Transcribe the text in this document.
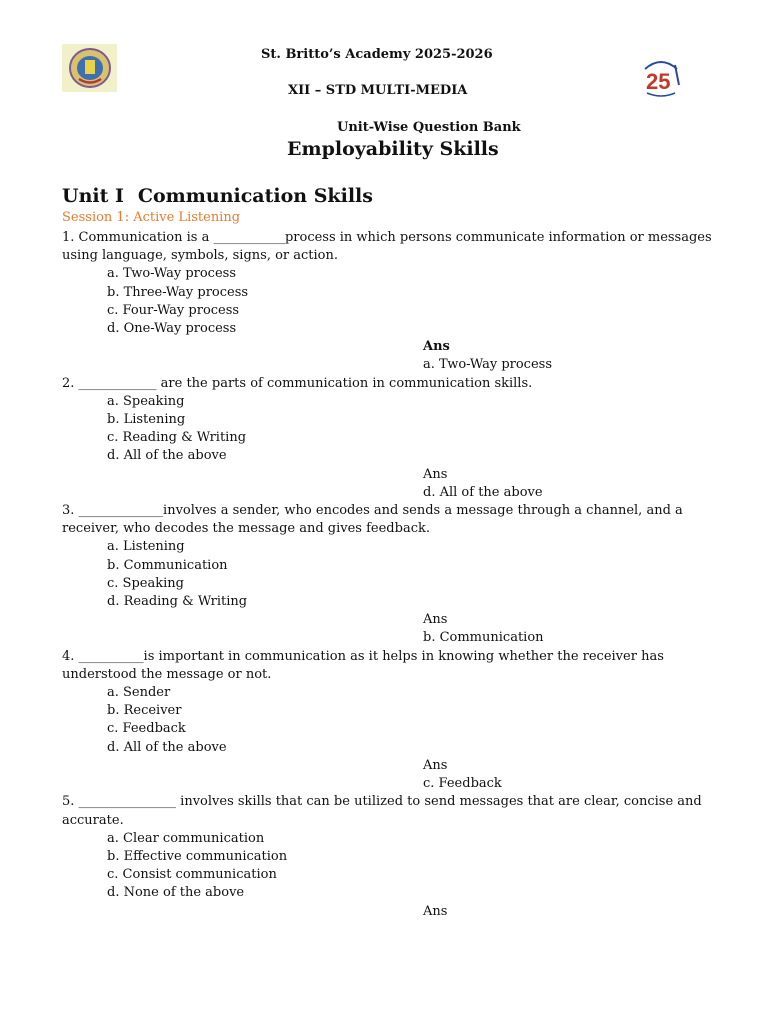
25
St. Britto’s Academy 2025-2026
XII – STD MULTI-MEDIA
Unit-Wise Question Bank
Employability Skills
Unit I Communication Skills
Session 1: Active Listening

1. Communication is a ___________process in which persons communicate information or messages using language, symbols, signs, or action.

a. Two-Way process
b. Three-Way process
c. Four-Way process
d. One-Way process
Ans
a. Two-Way process

2. ____________ are the parts of communication in communication skills.

a. Speaking
b. Listening
c. Reading & Writing
d. All of the above
Ans
d. All of the above

3. _____________involves a sender, who encodes and sends a message through a channel, and a receiver, who decodes the message and gives feedback.

a. Listening
b. Communication
c. Speaking
d. Reading & Writing
Ans
b. Communication

4. __________is important in communication as it helps in knowing whether the receiver has understood the message or not.

a. Sender
b. Receiver
c. Feedback
d. All of the above
Ans
c. Feedback

5. _______________ involves skills that can be utilized to send messages that are clear, concise and accurate.

a. Clear communication
b. Effective communication
c. Consist communication
d. None of the above
Ans
